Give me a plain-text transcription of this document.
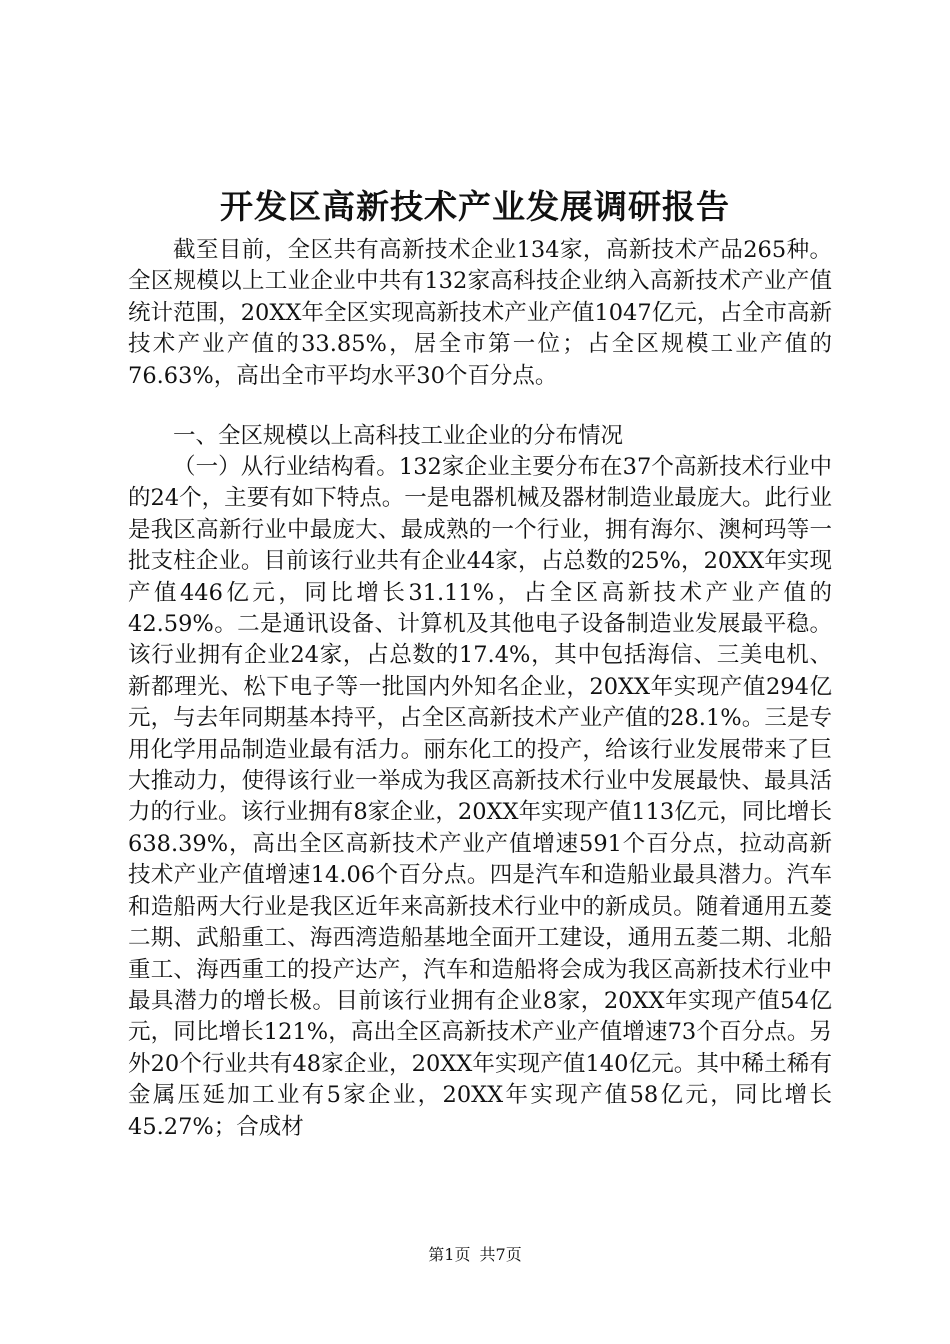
开发区高新技术产业发展调研报告

截至目前，全区共有高新技术企业134家，高新技术产品265种。全区规模以上工业企业中共有132家高科技企业纳入高新技术产业产值统计范围，20XX年全区实现高新技术产业产值1047亿元，占全市高新技术产业产值的33.85%，居全市第一位；占全区规模工业产值的76.63%，高出全市平均水平30个百分点。

一、全区规模以上高科技工业企业的分布情况

（一）从行业结构看。132家企业主要分布在37个高新技术行业中的24个，主要有如下特点。一是电器机械及器材制造业最庞大。此行业是我区高新行业中最庞大、最成熟的一个行业，拥有海尔、澳柯玛等一批支柱企业。目前该行业共有企业44家，占总数的25%，20XX年实现产值446亿元，同比增长31.11%，占全区高新技术产业产值的42.59%。二是通讯设备、计算机及其他电子设备制造业发展最平稳。该行业拥有企业24家，占总数的17.4%，其中包括海信、三美电机、新都理光、松下电子等一批国内外知名企业，20XX年实现产值294亿元，与去年同期基本持平，占全区高新技术产业产值的28.1%。三是专用化学用品制造业最有活力。丽东化工的投产，给该行业发展带来了巨大推动力，使得该行业一举成为我区高新技术行业中发展最快、最具活力的行业。该行业拥有8家企业，20XX年实现产值113亿元，同比增长638.39%，高出全区高新技术产业产值增速591个百分点，拉动高新技术产业产值增速14.06个百分点。四是汽车和造船业最具潜力。汽车和造船两大行业是我区近年来高新技术行业中的新成员。随着通用五菱二期、武船重工、海西湾造船基地全面开工建设，通用五菱二期、北船重工、海西重工的投产达产，汽车和造船将会成为我区高新技术行业中最具潜力的增长极。目前该行业拥有企业8家，20XX年实现产值54亿元，同比增长121%，高出全区高新技术产业产值增速73个百分点。另外20个行业共有48家企业，20XX年实现产值140亿元。其中稀土稀有金属压延加工业有5家企业，20XX年实现产值58亿元，同比增长45.27%；合成材

第1页 共7页
